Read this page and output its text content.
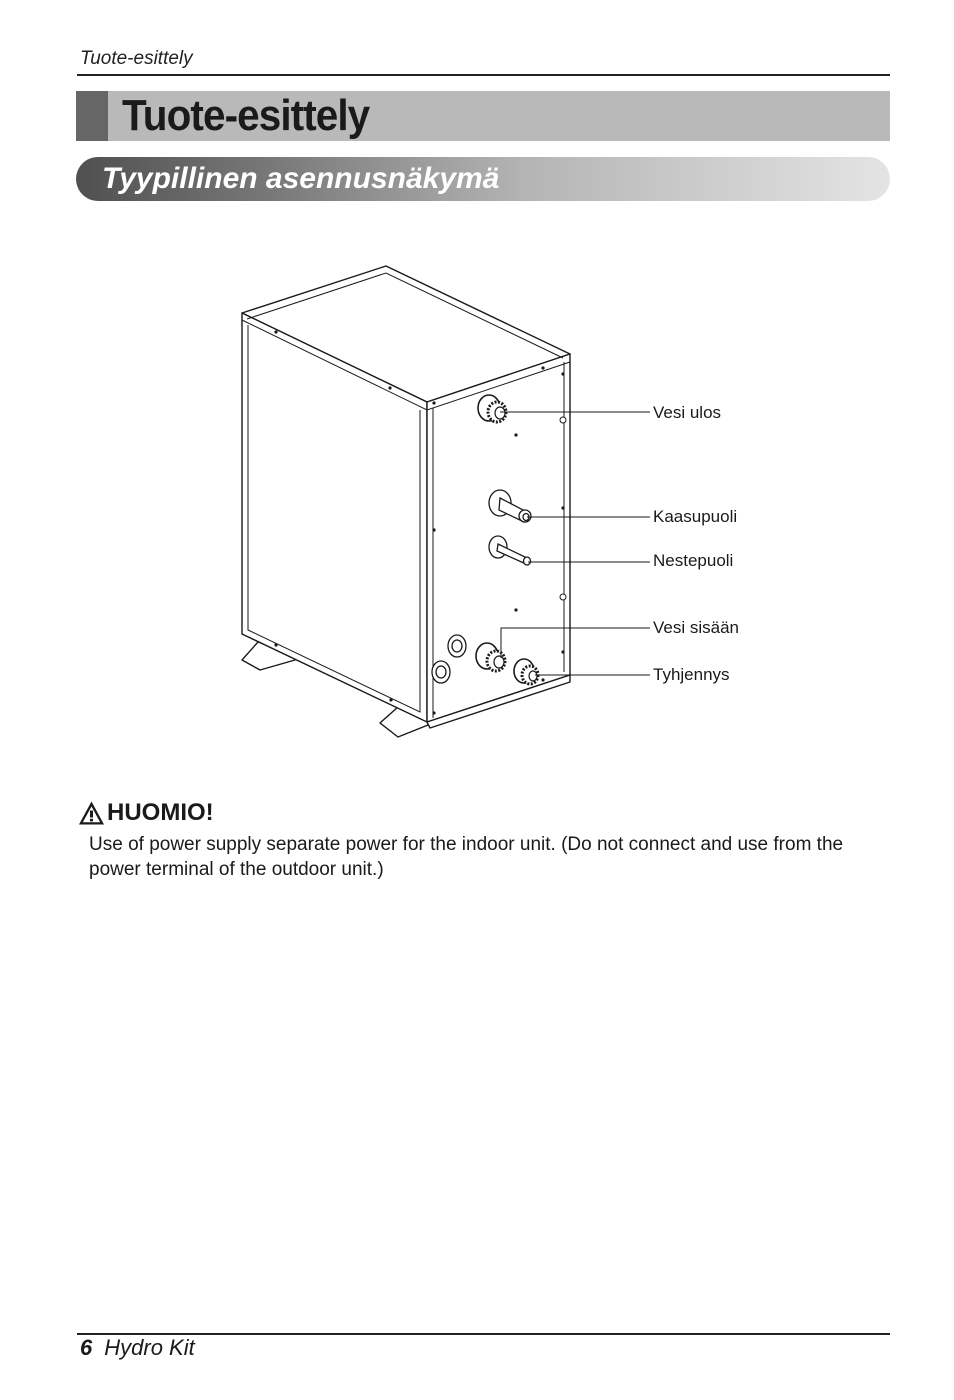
Tuote-esittely
Tuote-esittely
Tyypillinen asennusnäkymä
Vesi ulos
Kaasupuoli
Nestepuoli
Vesi sisään
Tyhjennys
HUOMIO!
Use of power supply separate power for the indoor unit. (Do not connect and use from the power terminal of the outdoor unit.)
6 Hydro Kit
